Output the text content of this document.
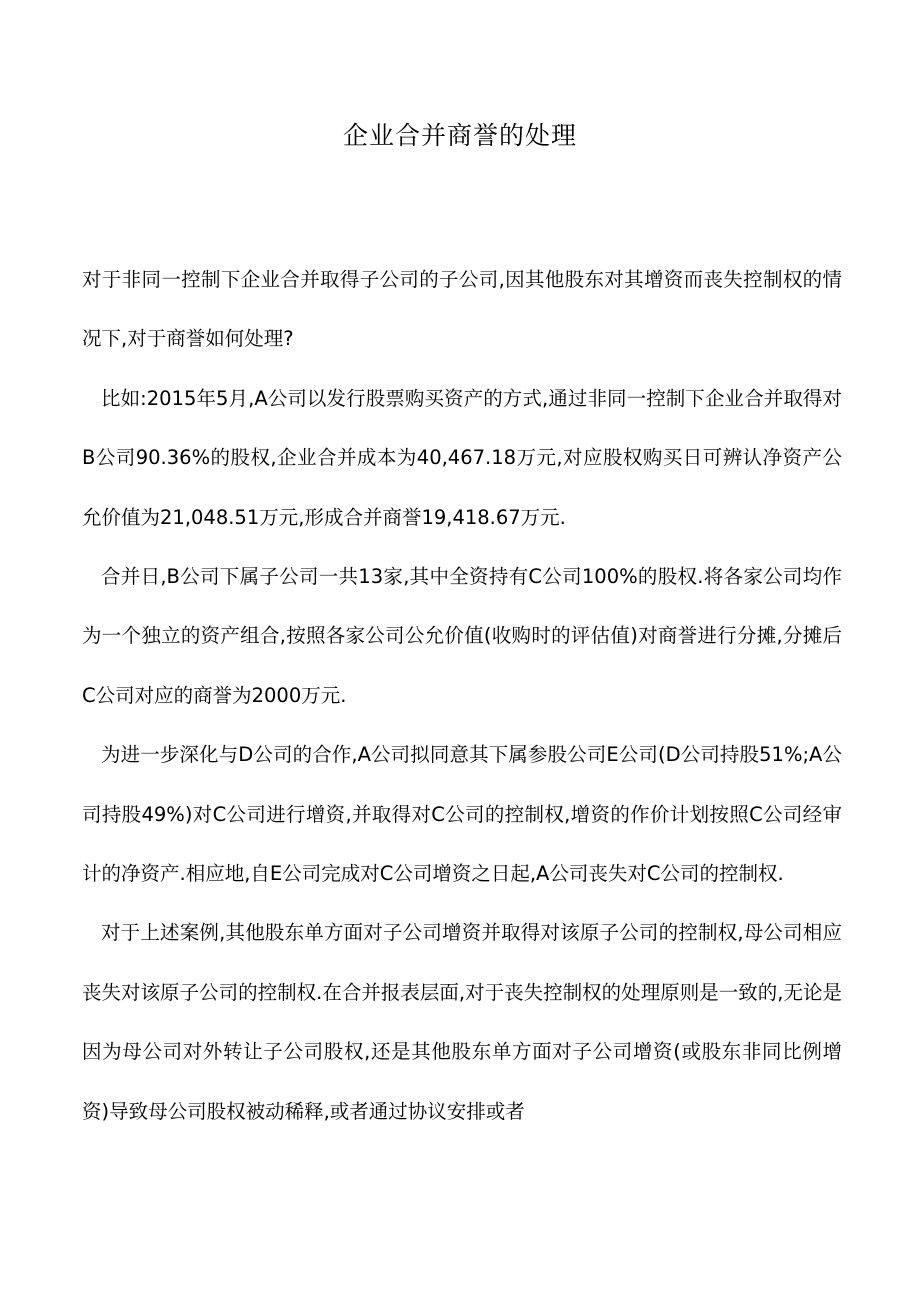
企业合并商誉的处理

对于非同一控制下企业合并取得子公司的子公司,因其他股东对其增资而丧失控制权的情况下,对于商誉如何处理?

比如:2015年5月,A公司以发行股票购买资产的方式,通过非同一控制下企业合并取得对B公司90.36%的股权,企业合并成本为40,467.18万元,对应股权购买日可辨认净资产公允价值为21,048.51万元,形成合并商誉19,418.67万元.

合并日,B公司下属子公司一共13家,其中全资持有C公司100%的股权.将各家公司均作为一个独立的资产组合,按照各家公司公允价值(收购时的评估值)对商誉进行分摊,分摊后C公司对应的商誉为2000万元.

为进一步深化与D公司的合作,A公司拟同意其下属参股公司E公司(D公司持股51%;A公司持股49%)对C公司进行增资,并取得对C公司的控制权,增资的作价计划按照C公司经审计的净资产.相应地,自E公司完成对C公司增资之日起,A公司丧失对C公司的控制权.

对于上述案例,其他股东单方面对子公司增资并取得对该原子公司的控制权,母公司相应丧失对该原子公司的控制权.在合并报表层面,对于丧失控制权的处理原则是一致的,无论是因为母公司对外转让子公司股权,还是其他股东单方面对子公司增资(或股东非同比例增资)导致母公司股权被动稀释,或者通过协议安排或者
